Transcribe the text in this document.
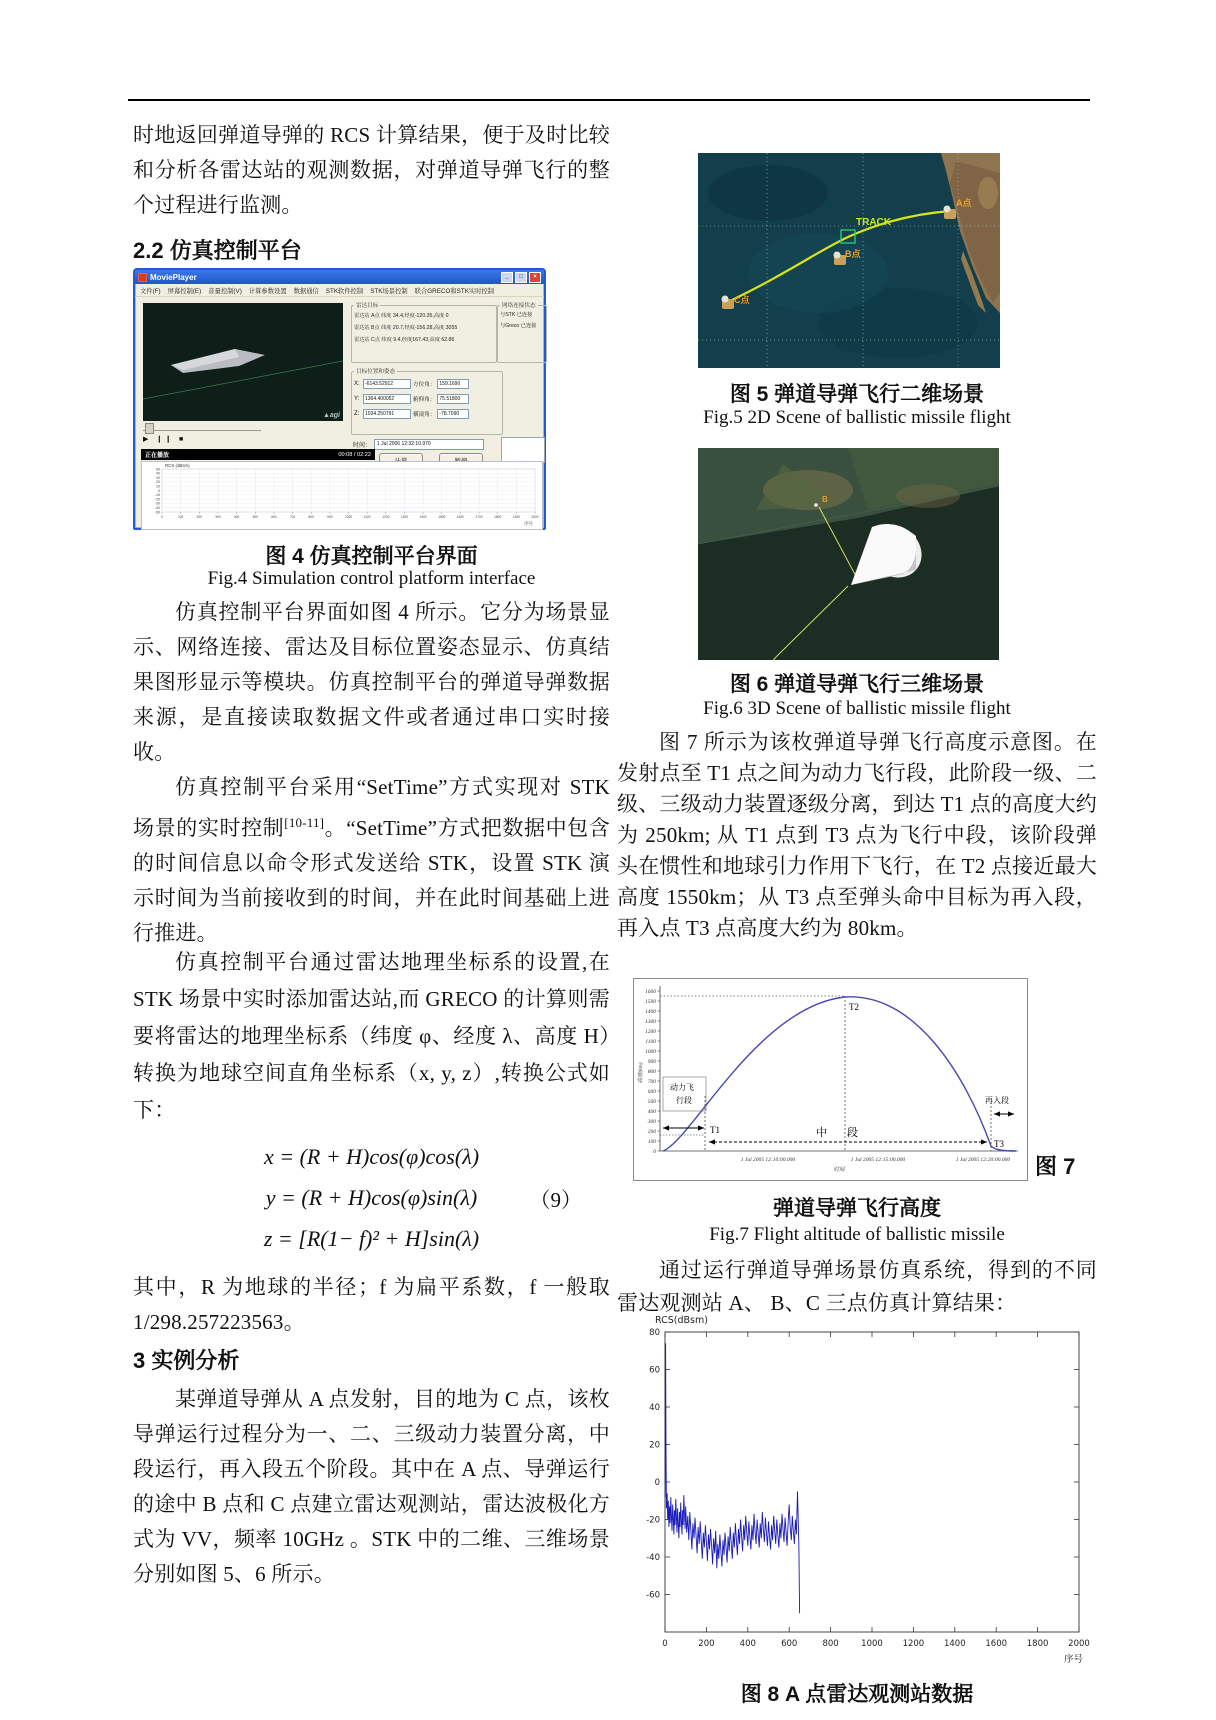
时地返回弹道导弹的 RCS 计算结果，便于及时比较和分析各雷达站的观测数据，对弹道导弹飞行的整个过程进行监测。

2.2 仿真控制平台
MoviePlayer	_	□	×
文件(F) 屏幕控制(E) 音量控制(V) 计算参数设置 数据通信 STK软件控制 STK场景控制 联合GRECO和STK实时控制
▲agi
雷达目标
雷达站 A点 纬度 34.4,经度-120.35,高度 0
雷达站 B点 纬度 20.7,经度-156.28,高度 3055
雷达站 C点 纬度 9.4,经度167.43,高度 62.86
网络连接状态
与STK 已连接
与Greco 已连接
目标位置和姿态
X:	-6143.52912	方位角： 159.1690
Y:	1364.400052	俯仰角： 75.51800
Z:	1034.250791	横滚角： -78.7090
时间：	1 Jul 2006 12:32:10.970
▶ ❙❙ ■
正在播放	00:08 / 02:22
50
40
30
20
10
0
-10
-20
-30
-40
-50
0	100	200	300	400	500	600	700	800	900	1000	1100	1200	1300	1400	1500	1600	1700	1800	1900	2000
RCS (dBsm)
序号
图 4 仿真控制平台界面
Fig.4 Simulation control platform interface

仿真控制平台界面如图 4 所示。它分为场景显示、网络连接、雷达及目标位置姿态显示、仿真结果图形显示等模块。仿真控制平台的弹道导弹数据来源，是直接读取数据文件或者通过串口实时接收。

仿真控制平台采用“SetTime”方式实现对 STK 场景的实时控制[10-11]。“SetTime”方式把数据中包含的时间信息以命令形式发送给 STK，设置 STK 演示时间为当前接收到的时间，并在此时间基础上进行推进。

仿真控制平台通过雷达地理坐标系的设置,在 STK 场景中实时添加雷达站,而 GRECO 的计算则需要将雷达的地理坐标系（纬度 φ、经度 λ、高度 H）转换为地球空间直角坐标系（x, y, z）,转换公式如下：

x = (R + H)cos(φ)cos(λ)

y = (R + H)cos(φ)sin(λ)

z = [R(1− f)² + H]sin(λ)

（9）

其中，R 为地球的半径；f 为扁平系数，f 一般取 1/298.257223563。

3 实例分析

某弹道导弹从 A 点发射，目的地为 C 点，该枚导弹运行过程分为一、二、三级动力装置分离，中段运行，再入段五个阶段。其中在 A 点、导弹运行的途中 B 点和 C 点建立雷达观测站，雷达波极化方式为 VV，频率 10GHz 。STK 中的二维、三维场景分别如图 5、6 所示。

C点
B点
A点
TRACK
图 5 弹道导弹飞行二维场景
Fig.5 2D Scene of ballistic missile flight
B
图 6 弹道导弹飞行三维场景
Fig.6 3D Scene of ballistic missile flight

图 7 所示为该枚弹道导弹飞行高度示意图。在发射点至 T1 点之间为动力飞行段，此阶段一级、二级、三级动力装置逐级分离，到达 T1 点的高度大约为 250km; 从 T1 点到 T3 点为飞行中段，该阶段弹头在惯性和地球引力作用下飞行，在 T2 点接近最大高度 1550km；从 T3 点至弹头命中目标为再入段，再入点 T3 点高度大约为 80km。

0
100
200
300
400
500
600
700
800
900
1000
1100
1200
1300
1400
1500
1600
动力飞
行段
T1
T2
T3
中 段
再入段
1 Jul 2005 12:10:00.000	1 Jul 2005 12:15:00.000	1 Jul 2005 12:20:00.000
时间
高度(km)
图 7
弹道导弹飞行高度
Fig.7 Flight altitude of ballistic missile

通过运行弹道导弹场景仿真系统，得到的不同雷达观测站 A、 B、C 三点仿真计算结果：

80
60
40
20
0
-20
-40
-60
0	200	400	600	800	1000 1200 1400 1600 1800 2000
RCS(dBsm)
序号
图 8 A 点雷达观测站数据
